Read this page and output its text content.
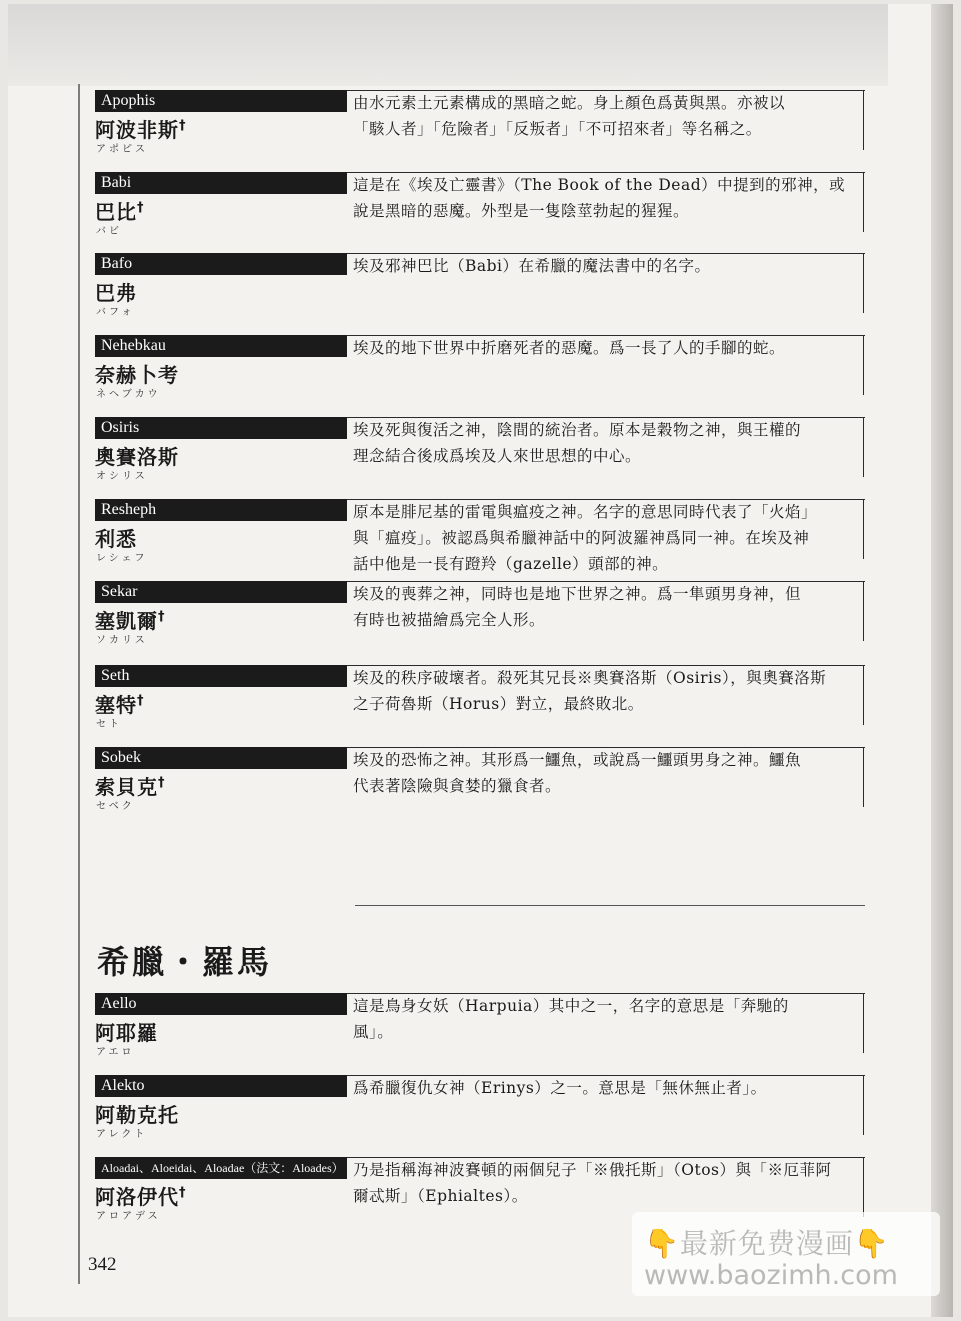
Apophis
阿波非斯†
アポピス
由水元素土元素構成的黑暗之蛇。身上顏色爲黃與黑。亦被以
「駭人者」「危險者」「反叛者」「不可招來者」等名稱之。
Babi
巴比†
バビ
這是在《埃及亡靈書》（The Book of the Dead）中提到的邪神，或
說是黑暗的惡魔。外型是一隻陰莖勃起的猩猩。
Bafo
巴弗
バフォ
埃及邪神巴比（Babi）在希臘的魔法書中的名字。
Nehebkau
奈赫卜考
ネヘブカウ
埃及的地下世界中折磨死者的惡魔。爲一長了人的手腳的蛇。
Osiris
奧賽洛斯
オシリス
埃及死與復活之神，陰間的統治者。原本是穀物之神，與王權的
理念結合後成爲埃及人來世思想的中心。
Resheph
利悉
レシェフ
原本是腓尼基的雷電與瘟疫之神。名字的意思同時代表了「火焰」
與「瘟疫」。被認爲與希臘神話中的阿波羅神爲同一神。在埃及神
話中他是一長有蹬羚（gazelle）頭部的神。
Sekar
塞凱爾†
ソカリス
埃及的喪葬之神，同時也是地下世界之神。爲一隼頭男身神，但
有時也被描繪爲完全人形。
Seth
塞特†
セト
埃及的秩序破壞者。殺死其兄長※奧賽洛斯（Osiris），與奧賽洛斯
之子荷魯斯（Horus）對立，最終敗北。
Sobek
索貝克†
セベク
埃及的恐怖之神。其形爲一鱷魚，或說爲一鱷頭男身之神。鱷魚
代表著陰險與貪婪的獵食者。
Aello
阿耶羅
アエロ
這是鳥身女妖（Harpuia）其中之一，名字的意思是「奔馳的
風」。
Alekto
阿勒克托
アレクト
爲希臘復仇女神（Erinys）之一。意思是「無休無止者」。
Aloadai、Aloeidai、Aloadae（法文：Aloades）
阿洛伊代†
アロアデス
乃是指稱海神波賽頓的兩個兒子「※俄托斯」（Otos）與「※厄菲阿
爾忒斯」（Ephialtes）。
希臘・羅馬
342
👇最新免费漫画👇
www.baozimh.com
